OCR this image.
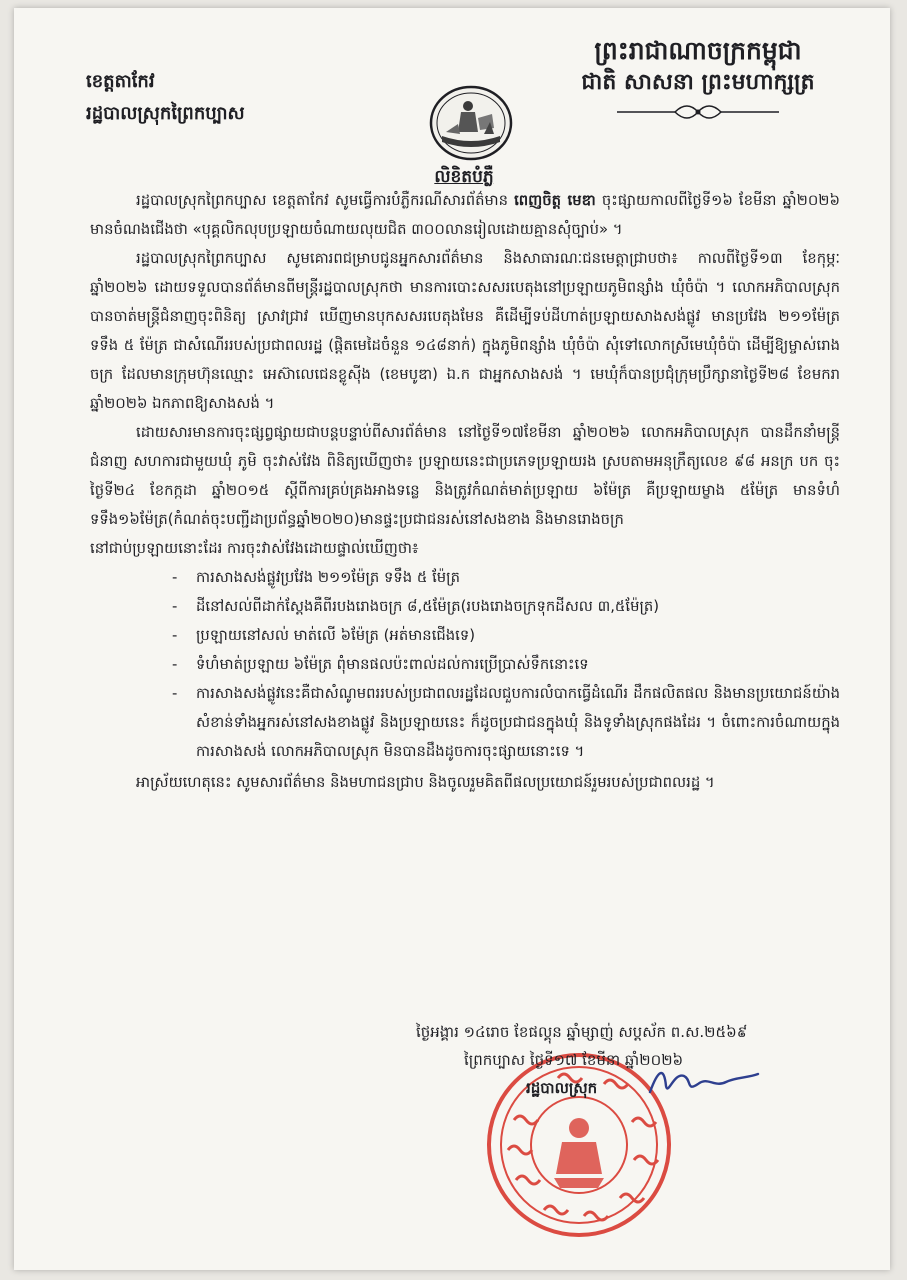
ព្រះរាជាណាចក្រកម្ពុជា
ជាតិ សាសនា ព្រះមហាក្សត្រ
ខេត្តតាកែវ
រដ្ឋបាលស្រុកព្រៃកប្បាស
លិខិតបំភ្លឺ

រដ្ឋបាលស្រុកព្រៃកប្បាស ខេត្តតាកែវ សូមធ្វើការបំភ្លឺករណីសារព័ត៌មាន ពេញចិត្ត មេឌា ចុះផ្សាយកាលពីថ្ងៃទី១៦ ខែមីនា ឆ្នាំ២០២៦ មានចំណងជើងថា «បុគ្គលិកលុបប្រឡាយចំណាយលុយជិត ៣០០លានរៀលដោយគ្មានសុំច្បាប់» ។

រដ្ឋបាលស្រុកព្រៃកប្បាស សូមគោរពជម្រាបជូនអ្នកសារព័ត៌មាន និងសាធារណៈជនមេត្តាជ្រាបថា៖ កាលពីថ្ងៃទី១៣ ខែកុម្ភៈ ឆ្នាំ២០២៦ ដោយទទួលបានព័ត៌មានពីមន្ត្រីរដ្ឋបាលស្រុកថា មានការបោះសសរបេតុងនៅប្រឡាយភូមិពន្សាំង ឃុំចំប៉ា ។ លោកអភិបាលស្រុកបានចាត់មន្ត្រីជំនាញចុះពិនិត្យ ស្រាវជ្រាវ ឃើញមានបុកសសរបេតុងមែន គឺដើម្បីទប់ដីហាត់ប្រឡាយសាងសង់ផ្លូវ មានប្រវែង ២១១ម៉ែត្រ ទទឹង ៥ ម៉ែត្រ ជាសំណើររបស់ប្រជាពលរដ្ឋ (ផ្តិតមេដៃចំនួន ១៤៨នាក់) ក្នុងភូមិពន្សាំង ឃុំចំប៉ា សុំទៅលោកស្រីមេឃុំចំប៉ា ដើម្បីឱ្យម្ចាស់រោងចក្រ ដែលមានក្រុមហ៊ុនឈ្មោះ អេស៊ាលេជេនខ្លូស៊ីង (ខេមបូឌា) ឯ.ក ជាអ្នកសាងសង់ ។ មេឃុំក៏បានប្រជុំក្រុមប្រឹក្សានាថ្ងៃទី២៨ ខែមករា ឆ្នាំ២០២៦ ឯកភាពឱ្យសាងសង់ ។

ដោយសារមានការចុះផ្សព្វផ្សាយជាបន្តបន្ទាប់ពីសារព័ត៌មាន នៅថ្ងៃទី១៧ខែមីនា ឆ្នាំ២០២៦ លោកអភិបាលស្រុក បានដឹកនាំមន្ត្រីជំនាញ សហការជាមួយឃុំ ភូមិ ចុះវាស់វែង ពិនិត្យឃើញថា៖ ប្រឡាយនេះជាប្រភេទប្រឡាយរង ស្របតាមអនុក្រឹត្យលេខ ៩៨ អនក្រ បក ចុះថ្ងៃទី២៤ ខែកក្កដា ឆ្នាំ២០១៥ ស្តីពីការគ្រប់គ្រងអាងទន្លេ និងត្រូវកំណត់មាត់ប្រឡាយ ៦ម៉ែត្រ គឺប្រឡាយម្ខាង ៥ម៉ែត្រ មានទំហំទទឹង១៦ម៉ែត្រ(កំណត់ចុះបញ្ជីដាប្រព័ន្ធឆ្នាំ២០២០)មានផ្ទះប្រជាជនរស់នៅសងខាង និងមានរោងចក្រ

នៅជាប់ប្រឡាយនោះដែរ ការចុះវាស់វែងដោយផ្ទាល់ឃើញថា៖

- ការសាងសង់ផ្លូវប្រវែង ២១១ម៉ែត្រ ទទឹង ៥ ម៉ែត្រ
- ដីនៅសល់ពីដាក់ស្តែងគឺពីរបងរោងចក្រ ៨,៥ម៉ែត្រ(របងរោងចក្រទុកដីសល ៣,៥ម៉ែត្រ)
- ប្រឡាយនៅសល់ មាត់លើ ៦ម៉ែត្រ (អត់មានជើងទេ)
- ទំហំមាត់ប្រឡាយ ៦ម៉ែត្រ ពុំមានផលប៉ះពាល់ដល់ការប្រើប្រាស់ទឹកនោះទេ
- ការសាងសង់ផ្លូវនេះគឺជាសំណូមពររបស់ប្រជាពលរដ្ឋដែលជួបការលំបាកធ្វើដំណើរ ដឹកផលិតផល និងមានប្រយោជន៍យ៉ាងសំខាន់ទាំងអ្នករស់នៅសងខាងផ្លូវ និងប្រឡាយនេះ ក៏ដូចប្រជាជនក្នុងឃុំ និងទូទាំងស្រុកផងដែរ ។ ចំពោះការចំណាយក្នុងការសាងសង់ លោកអភិបាលស្រុក មិនបានដឹងដូចការចុះផ្សាយនោះទេ ។

អាស្រ័យហេតុនេះ សូមសារព័ត៌មាន និងមហាជនជ្រាប និងចូលរួមគិតពីផលប្រយោជន៍រួមរបស់ប្រជាពលរដ្ឋ ។

ថ្ងៃអង្គារ ១៤រោច ខែផល្គុន ឆ្នាំម្សាញ់ សប្តស័ក ព.ស.២៥៦៩
ព្រៃកប្បាស ថ្ងៃទី១៧ ខែមីនា ឆ្នាំ២០២៦
រដ្ឋបាលស្រុក
